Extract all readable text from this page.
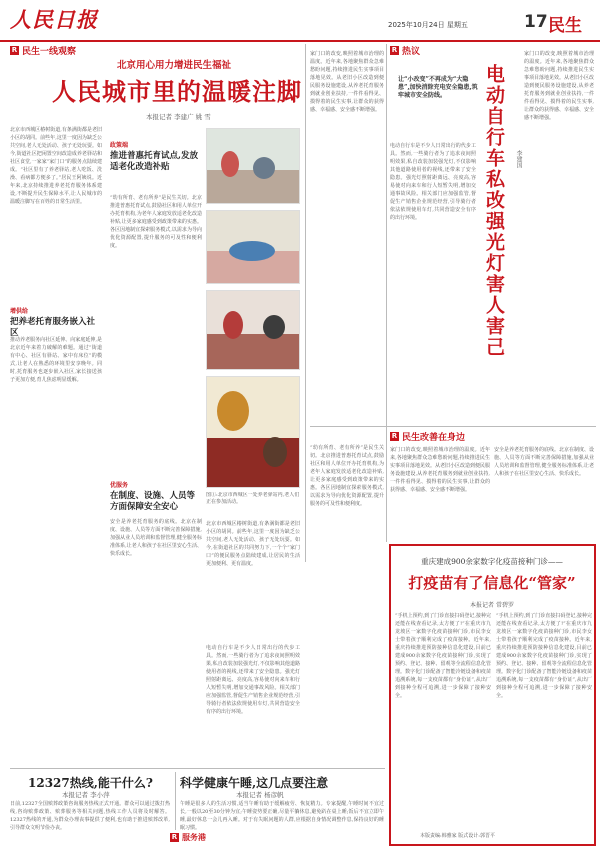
人民日报	2025年10月24日 星期五	17 民生
R 民生一线观察
北京用心用力增进民生福祉
人民城市里的温暖注脚
本报记者 李建广 姚 雪
北京市西城区椿树街道,有条满街都是老旧小区的胡同。前些年,这里一度因为缺乏公共空间,老人无处活动、孩子无处玩耍。如今,街道社区把闲置空间改造成养老驿站和社区食堂,一家家“家门口”的服务点陆续建成。“社区里有了养老驿站,老人吃饭、洗澡、看病都方便多了。”居民王阿姨说。近年来,北京持续推进养老托育服务体系建设,不断提升民生保障水平,让人民城市的温暖注脚写在百姓的日常生活里。
增供给
把养老托育服务嵌入社区
推动养老服务向社区延伸、向家庭延伸,是北京近年来着力破解的难题。通过“街道有中心、社区有驿站、家中有床位”的模式,让老人在熟悉的环境里安享晚年。同时,托育服务也逐步嵌入社区,家长接送孩子更加方便,育儿焦虑明显缓解。
政策端
推进普惠托育试点,发放适老化改造补贴
“幼有所育、老有所养”是民生关切。北京推进普惠托育试点,鼓励社区和用人单位开办托育机构,为老年人家庭发放适老化改造补贴,让更多家庭感受到政策带来的实惠。各区因地制宜探索服务模式,以需求为导向优化资源配置,提升服务的可及性和便利度。
优服务
在制度、设施、人员等方面保障安全安心
安全是养老托育服务的底线。北京在制度、设施、人员等方面不断完善保障措施,加强从业人员培训和监督管理,健全服务标准体系,让老人和孩子在社区里安心生活、快乐成长。
北京市西城区椿树街道,有条满街都是老旧小区的胡同。前些年,这里一度因为缺乏公共空间,老人无处活动、孩子无处玩耍。如今,在街道社区的共同努力下,一个个“家门口”的便民服务点陆续建成,让居民的生活更加便利、更有温度。
电动自行车是不少人日常出行的代步工具。然而,一些骑行者为了追求夜间照明效果,私自改装加装强光灯,不仅影响其他道路使用者的视线,还带来了安全隐患。强光灯照射距离远、亮度高,容易使对向来车和行人短暂失明,增加交通事故风险。相关部门应加强监管,督促生产销售企业规范经营,引导骑行者依法依规使用车灯,共同营造安全有序的出行环境。
图①:北京市西城区一处养老驿站内,老人们正在参加活动。
家门口的改变,映照着城市治理的温度。近年来,各地聚焦群众急难愁盼问题,持续推进民生实事项目落地见效。从老旧小区改造到便民服务设施建设,从养老托育服务到就业创业扶持,一件件看得见、摸得着的民生实事,让群众的获得感、幸福感、安全感不断增强。
“幼有所育、老有所养”是民生关切。北京推进普惠托育试点,鼓励社区和用人单位开办托育机构,为老年人家庭发放适老化改造补贴,让更多家庭感受到政策带来的实惠。各区因地制宜探索服务模式,以需求为导向优化资源配置,提升服务的可及性和便利度。
R 热议
让“小改变”不再成为“大隐患”,加快消除充电安全隐患,筑牢城市安全防线。	电动自行车私改强光灯害人害己	李建国
电动自行车是不少人日常出行的代步工具。然而,一些骑行者为了追求夜间照明效果,私自改装加装强光灯,不仅影响其他道路使用者的视线,还带来了安全隐患。强光灯照射距离远、亮度高,容易使对向来车和行人短暂失明,增加交通事故风险。相关部门应加强监管,督促生产销售企业规范经营,引导骑行者依法依规使用车灯,共同营造安全有序的出行环境。
家门口的改变,映照着城市治理的温度。近年来,各地聚焦群众急难愁盼问题,持续推进民生实事项目落地见效。从老旧小区改造到便民服务设施建设,从养老托育服务到就业创业扶持,一件件看得见、摸得着的民生实事,让群众的获得感、幸福感、安全感不断增强。
R 民生改善在身边
家门口的改变,映照着城市治理的温度。近年来,各地聚焦群众急难愁盼问题,持续推进民生实事项目落地见效。从老旧小区改造到便民服务设施建设,从养老托育服务到就业创业扶持,一件件看得见、摸得着的民生实事,让群众的获得感、幸福感、安全感不断增强。
安全是养老托育服务的底线。北京在制度、设施、人员等方面不断完善保障措施,加强从业人员培训和监督管理,健全服务标准体系,让老人和孩子在社区里安心生活、快乐成长。
重庆建成900余家数字化疫苗接种门诊——
打疫苗有了信息化“管家”
本报记者 常碧罗
“手机上预约,到了门诊直接扫码登记,接种完还能在线查看记录,太方便了!”在重庆市九龙坡区一家数字化疫苗接种门诊,市民李女士带着孩子顺利完成了疫苗接种。近年来,重庆持续推进预防接种信息化建设,目前已建成900余家数字化疫苗接种门诊,实现了预约、登记、接种、留观等全流程信息化管理。数字化门诊配备了智能冷链设备和疫苗追溯系统,每一支疫苗都有“身份证”,从出厂到接种全程可追溯,进一步保障了接种安全。
“手机上预约,到了门诊直接扫码登记,接种完还能在线查看记录,太方便了!”在重庆市九龙坡区一家数字化疫苗接种门诊,市民李女士带着孩子顺利完成了疫苗接种。近年来,重庆持续推进预防接种信息化建设,目前已建成900余家数字化疫苗接种门诊,实现了预约、登记、接种、留观等全流程信息化管理。数字化门诊配备了智能冷链设备和疫苗追溯系统,每一支疫苗都有“身份证”,从出厂到接种全程可追溯,进一步保障了接种安全。
12327热线,能干什么?
本报记者 李小萍
日前,12327全国殡葬政策咨询服务热线正式开通。群众可以通过拨打热线,咨询殡葬政策、殡葬服务等相关问题,热线工作人员将及时解答。12327热线的开通,为群众办理丧事提供了便利,也有助于推进殡葬改革,引导群众文明节俭办丧。
科学健康午睡,这几点要注意
本报记者 杨彦帆
午睡是很多人的生活习惯,适当午睡有助于缓解疲劳、恢复精力。专家提醒,午睡时间不宜过长,一般以20至30分钟为宜;午睡姿势要正确,尽量平躺休息,避免趴在桌上睡;饭后不宜立即午睡,最好休息一会儿再入睡。对于有失眠问题的人群,应根据自身情况调整作息,保持良好的睡眠习惯。
R 服务港	本版责编:韩雅家 版式设计:郭晋平
